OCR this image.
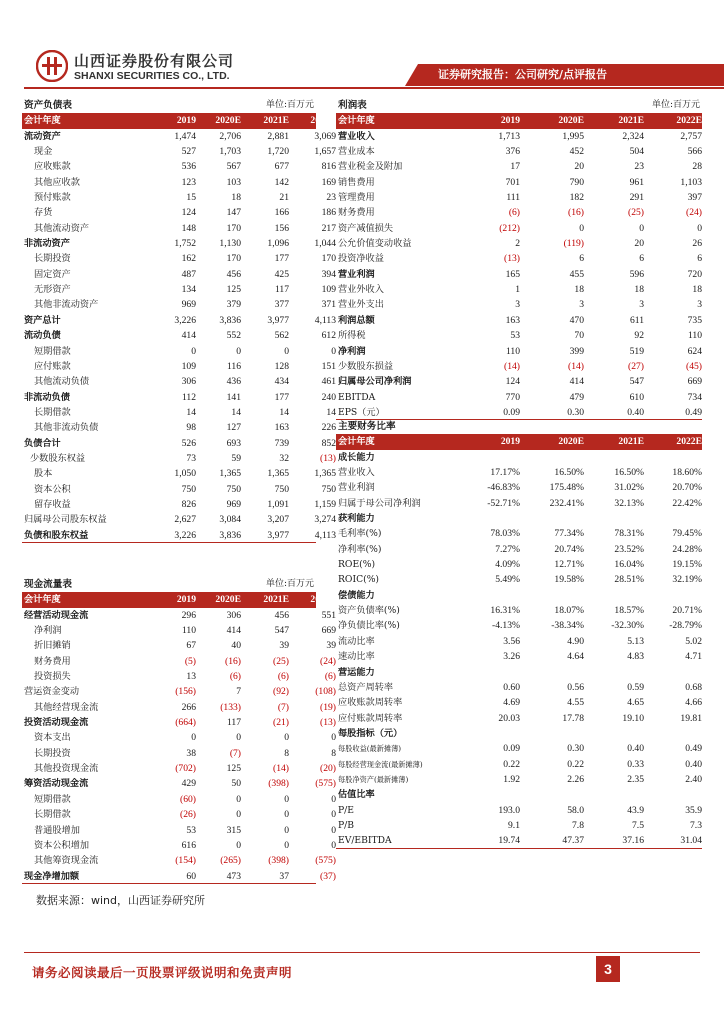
山西证券股份有限公司
SHANXI SECURITIES CO., LTD.	证券研究报告：公司研究/点评报告
资产负债表	单位:百万元
会计年度	2019	2020E	2021E	2022E
流动资产	1,474	2,706	2,881	3,069
现金	527	1,703	1,720	1,657
应收账款	536	567	677	816
其他应收款	123	103	142	169
预付账款	15	18	21	23
存货	124	147	166	186
其他流动资产	148	170	156	217
非流动资产	1,752	1,130	1,096	1,044
长期投资	162	170	177	170
固定资产	487	456	425	394
无形资产	134	125	117	109
其他非流动资产	969	379	377	371
资产总计	3,226	3,836	3,977	4,113
流动负债	414	552	562	612
短期借款	0	0	0	0
应付账款	109	116	128	151
其他流动负债	306	436	434	461
非流动负债	112	141	177	240
长期借款	14	14	14	14
其他非流动负债	98	127	163	226
负债合计	526	693	739	852
少数股东权益	73	59	32	(13)
股本	1,050	1,365	1,365	1,365
资本公积	750	750	750	750
留存收益	826	969	1,091	1,159
归属母公司股东权益	2,627	3,084	3,207	3,274
负债和股东权益	3,226	3,836	3,977	4,113
现金流量表	单位:百万元
会计年度	2019	2020E	2021E	2022E
经营活动现金流	296	306	456	551
净利润	110	414	547	669
折旧摊销	67	40	39	39
财务费用	(5)	(16)	(25)	(24)
投资损失	13	(6)	(6)	(6)
营运资金变动	(156)	7	(92)	(108)
其他经营现金流	266	(133)	(7)	(19)
投资活动现金流	(664)	117	(21)	(13)
资本支出	0	0	0	0
长期投资	38	(7)	8	8
其他投资现金流	(702)	125	(14)	(20)
筹资活动现金流	429	50	(398)	(575)
短期借款	(60)	0	0	0
长期借款	(26)	0	0	0
普通股增加	53	315	0	0
资本公积增加	616	0	0	0
其他筹资现金流	(154)	(265)	(398)	(575)
现金净增加额	60	473	37	(37)
利润表	单位:百万元
会计年度	2019	2020E	2021E	2022E
营业收入	1,713	1,995	2,324	2,757
营业成本	376	452	504	566
营业税金及附加	17	20	23	28
销售费用	701	790	961	1,103
管理费用	111	182	291	397
财务费用	(6)	(16)	(25)	(24)
资产减值损失	(212)	0	0	0
公允价值变动收益	2	(119)	20	26
投资净收益	(13)	6	6	6
营业利润	165	455	596	720
营业外收入	1	18	18	18
营业外支出	3	3	3	3
利润总额	163	470	611	735
所得税	53	70	92	110
净利润	110	399	519	624
少数股东损益	(14)	(14)	(27)	(45)
归属母公司净利润	124	414	547	669
EBITDA	770	479	610	734
EPS（元）	0.09	0.30	0.40	0.49
主要财务比率
会计年度	2019	2020E	2021E	2022E
成长能力
营业收入	17.17%	16.50%	16.50%	18.60%
营业利润	-46.83%	175.48%	31.02%	20.70%
归属于母公司净利润	-52.71%	232.41%	32.13%	22.42%
获利能力
毛利率(%)	78.03%	77.34%	78.31%	79.45%
净利率(%)	7.27%	20.74%	23.52%	24.28%
ROE(%)	4.09%	12.71%	16.04%	19.15%
ROIC(%)	5.49%	19.58%	28.51%	32.19%
偿债能力
资产负债率(%)	16.31%	18.07%	18.57%	20.71%
净负债比率(%)	-4.13%	-38.34%	-32.30%	-28.79%
流动比率	3.56	4.90	5.13	5.02
速动比率	3.26	4.64	4.83	4.71
营运能力
总资产周转率	0.60	0.56	0.59	0.68
应收账款周转率	4.69	4.55	4.65	4.66
应付账款周转率	20.03	17.78	19.10	19.81
每股指标（元）
每股收益(最新摊薄)	0.09	0.30	0.40	0.49
每股经营现金流(最新摊薄)	0.22	0.22	0.33	0.40
每股净资产(最新摊薄)	1.92	2.26	2.35	2.40
估值比率
P/E	193.0	58.0	43.9	35.9
P/B	9.1	7.8	7.5	7.3
EV/EBITDA	19.74	47.37	37.16	31.04
数据来源：wind，山西证券研究所
请务必阅读最后一页股票评级说明和免责声明	3
